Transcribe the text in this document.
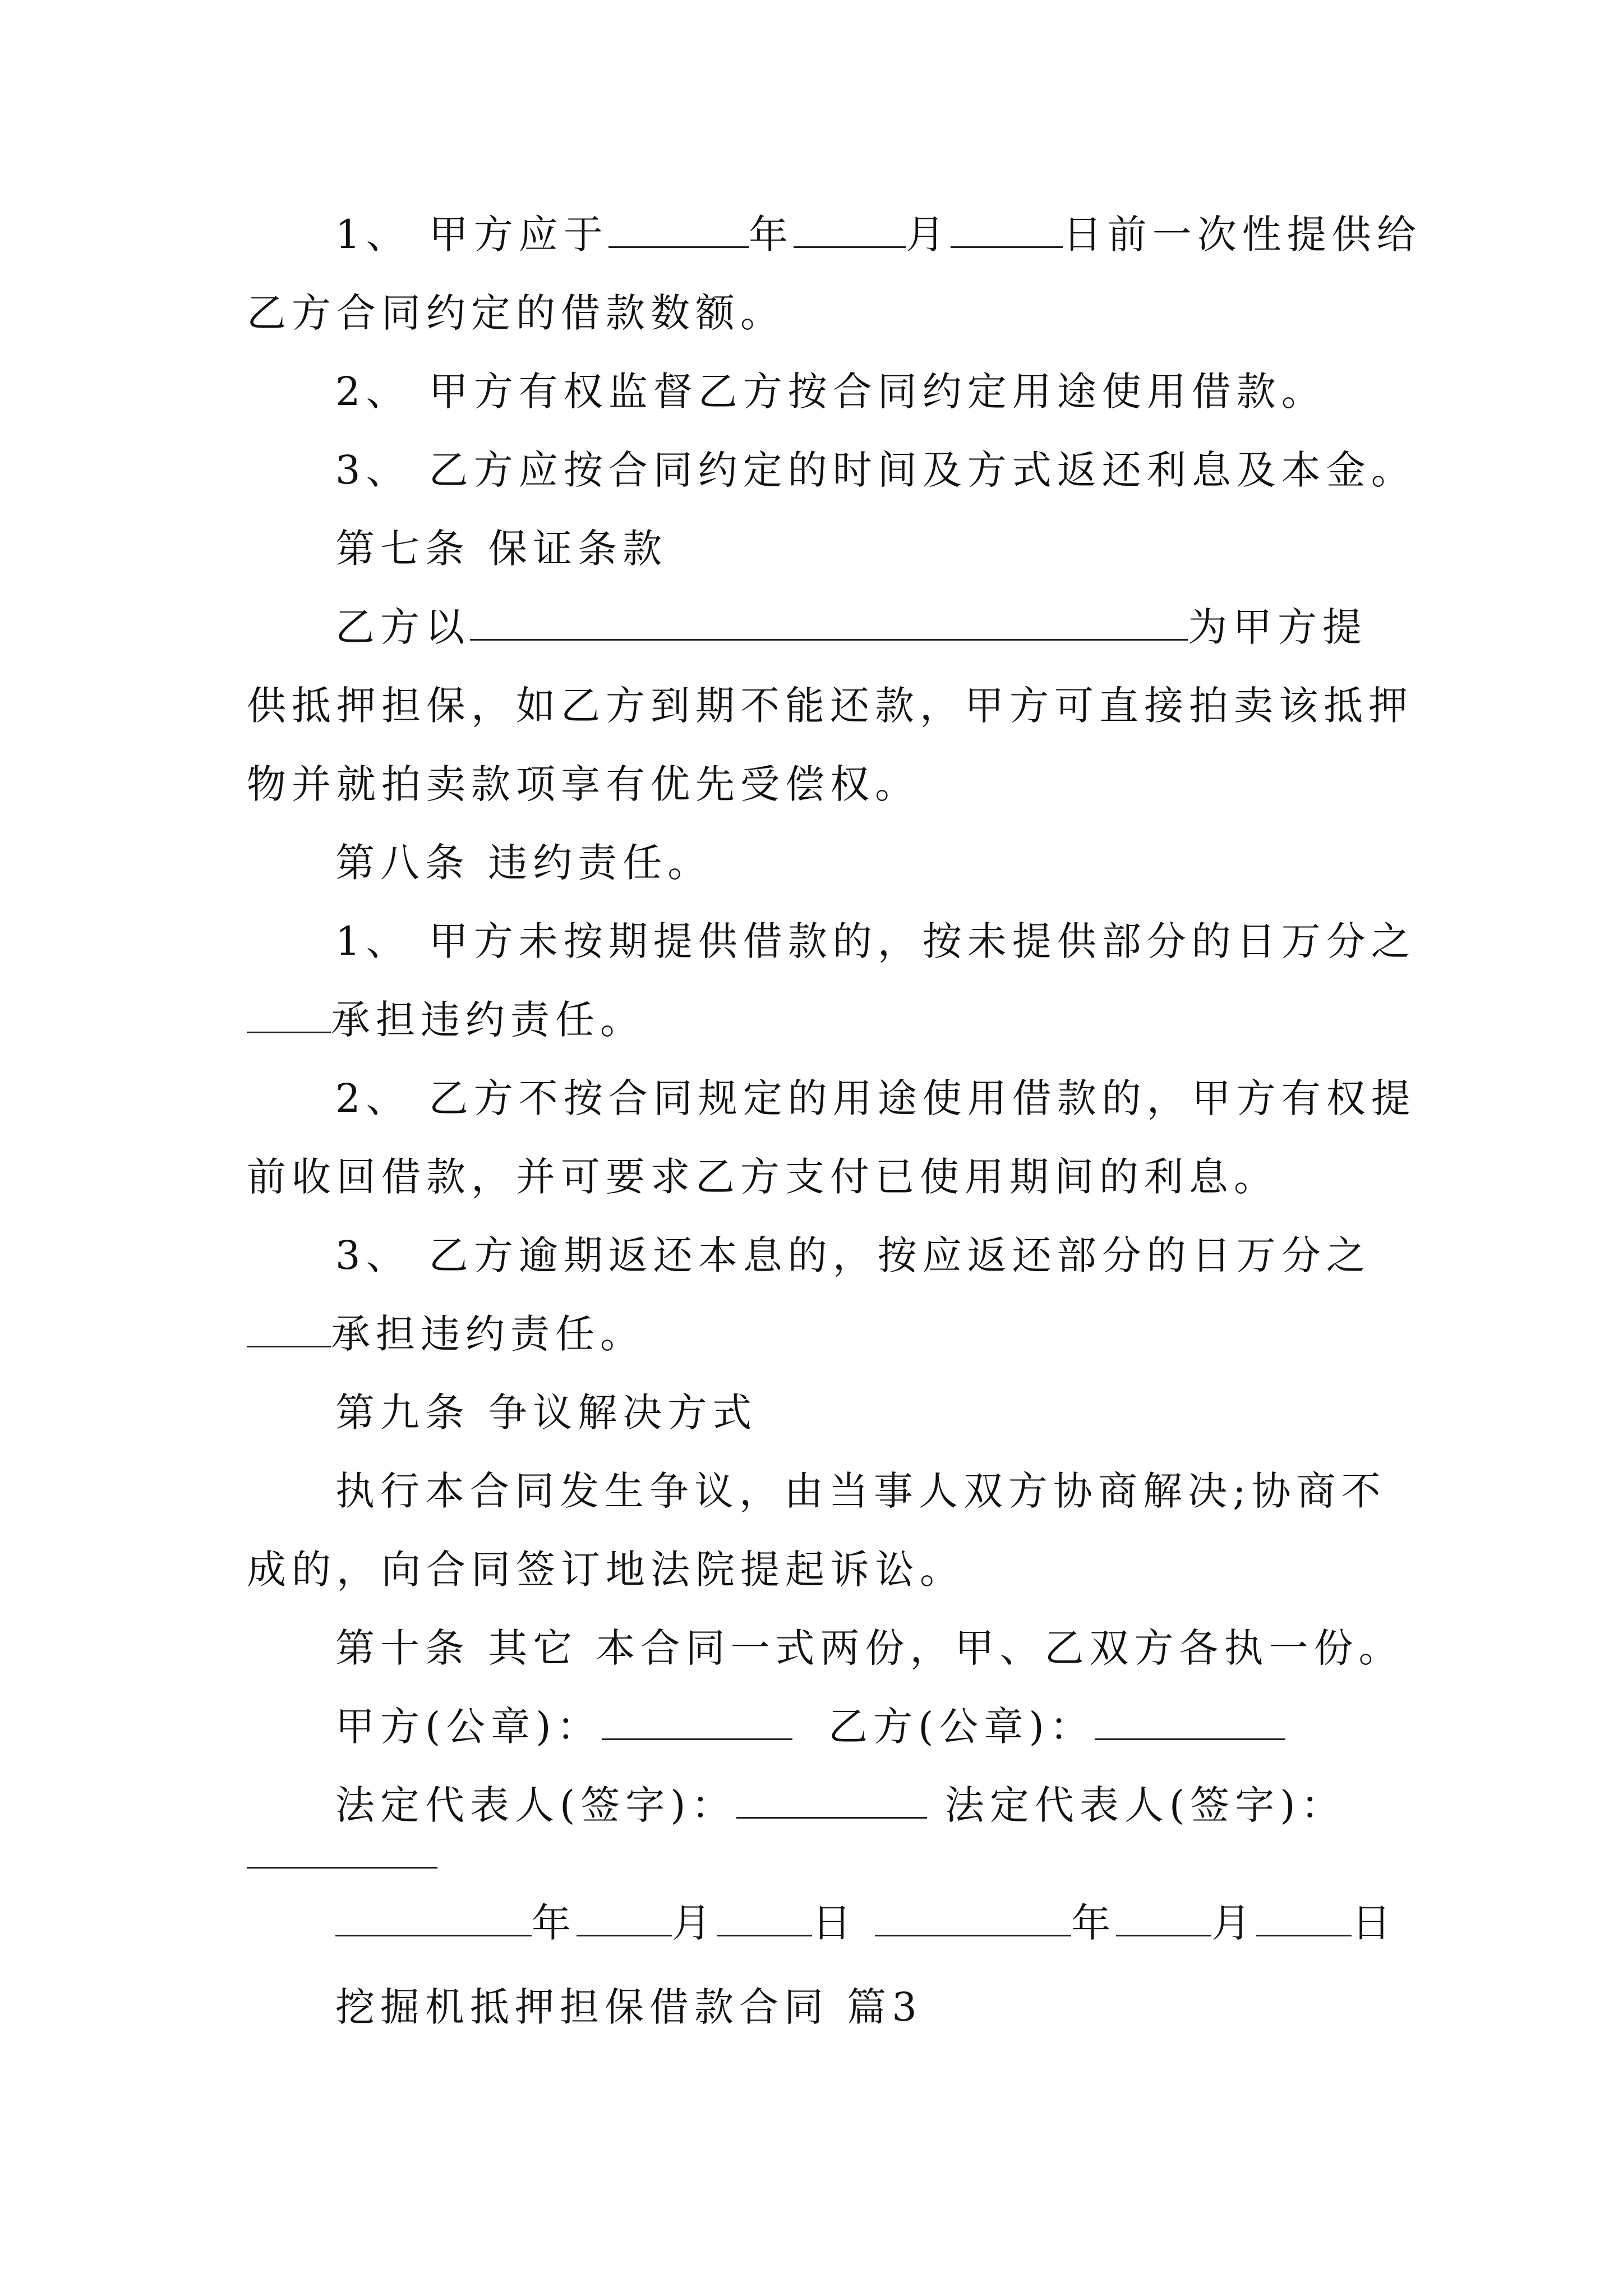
1、 甲方应于	年	月	日前一次性提供给
乙方合同约定的借款数额。
2、 甲方有权监督乙方按合同约定用途使用借款。
3、 乙方应按合同约定的时间及方式返还利息及本金。
第七条 保证条款
乙方以	为甲方提
供抵押担保，如乙方到期不能还款，甲方可直接拍卖该抵押
物并就拍卖款项享有优先受偿权。
第八条 违约责任。
1、 甲方未按期提供借款的，按未提供部分的日万分之
承担违约责任。
2、 乙方不按合同规定的用途使用借款的，甲方有权提
前收回借款，并可要求乙方支付已使用期间的利息。
3、 乙方逾期返还本息的，按应返还部分的日万分之
承担违约责任。
第九条 争议解决方式
执行本合同发生争议，由当事人双方协商解决;协商不
成的，向合同签订地法院提起诉讼。
第十条 其它 本合同一式两份，甲、乙双方各执一份。
甲方(公章)：	乙方(公章)：
法定代表人(签字)：	法定代表人(签字)：
年 月 日	年 月 日
挖掘机抵押担保借款合同 篇3
